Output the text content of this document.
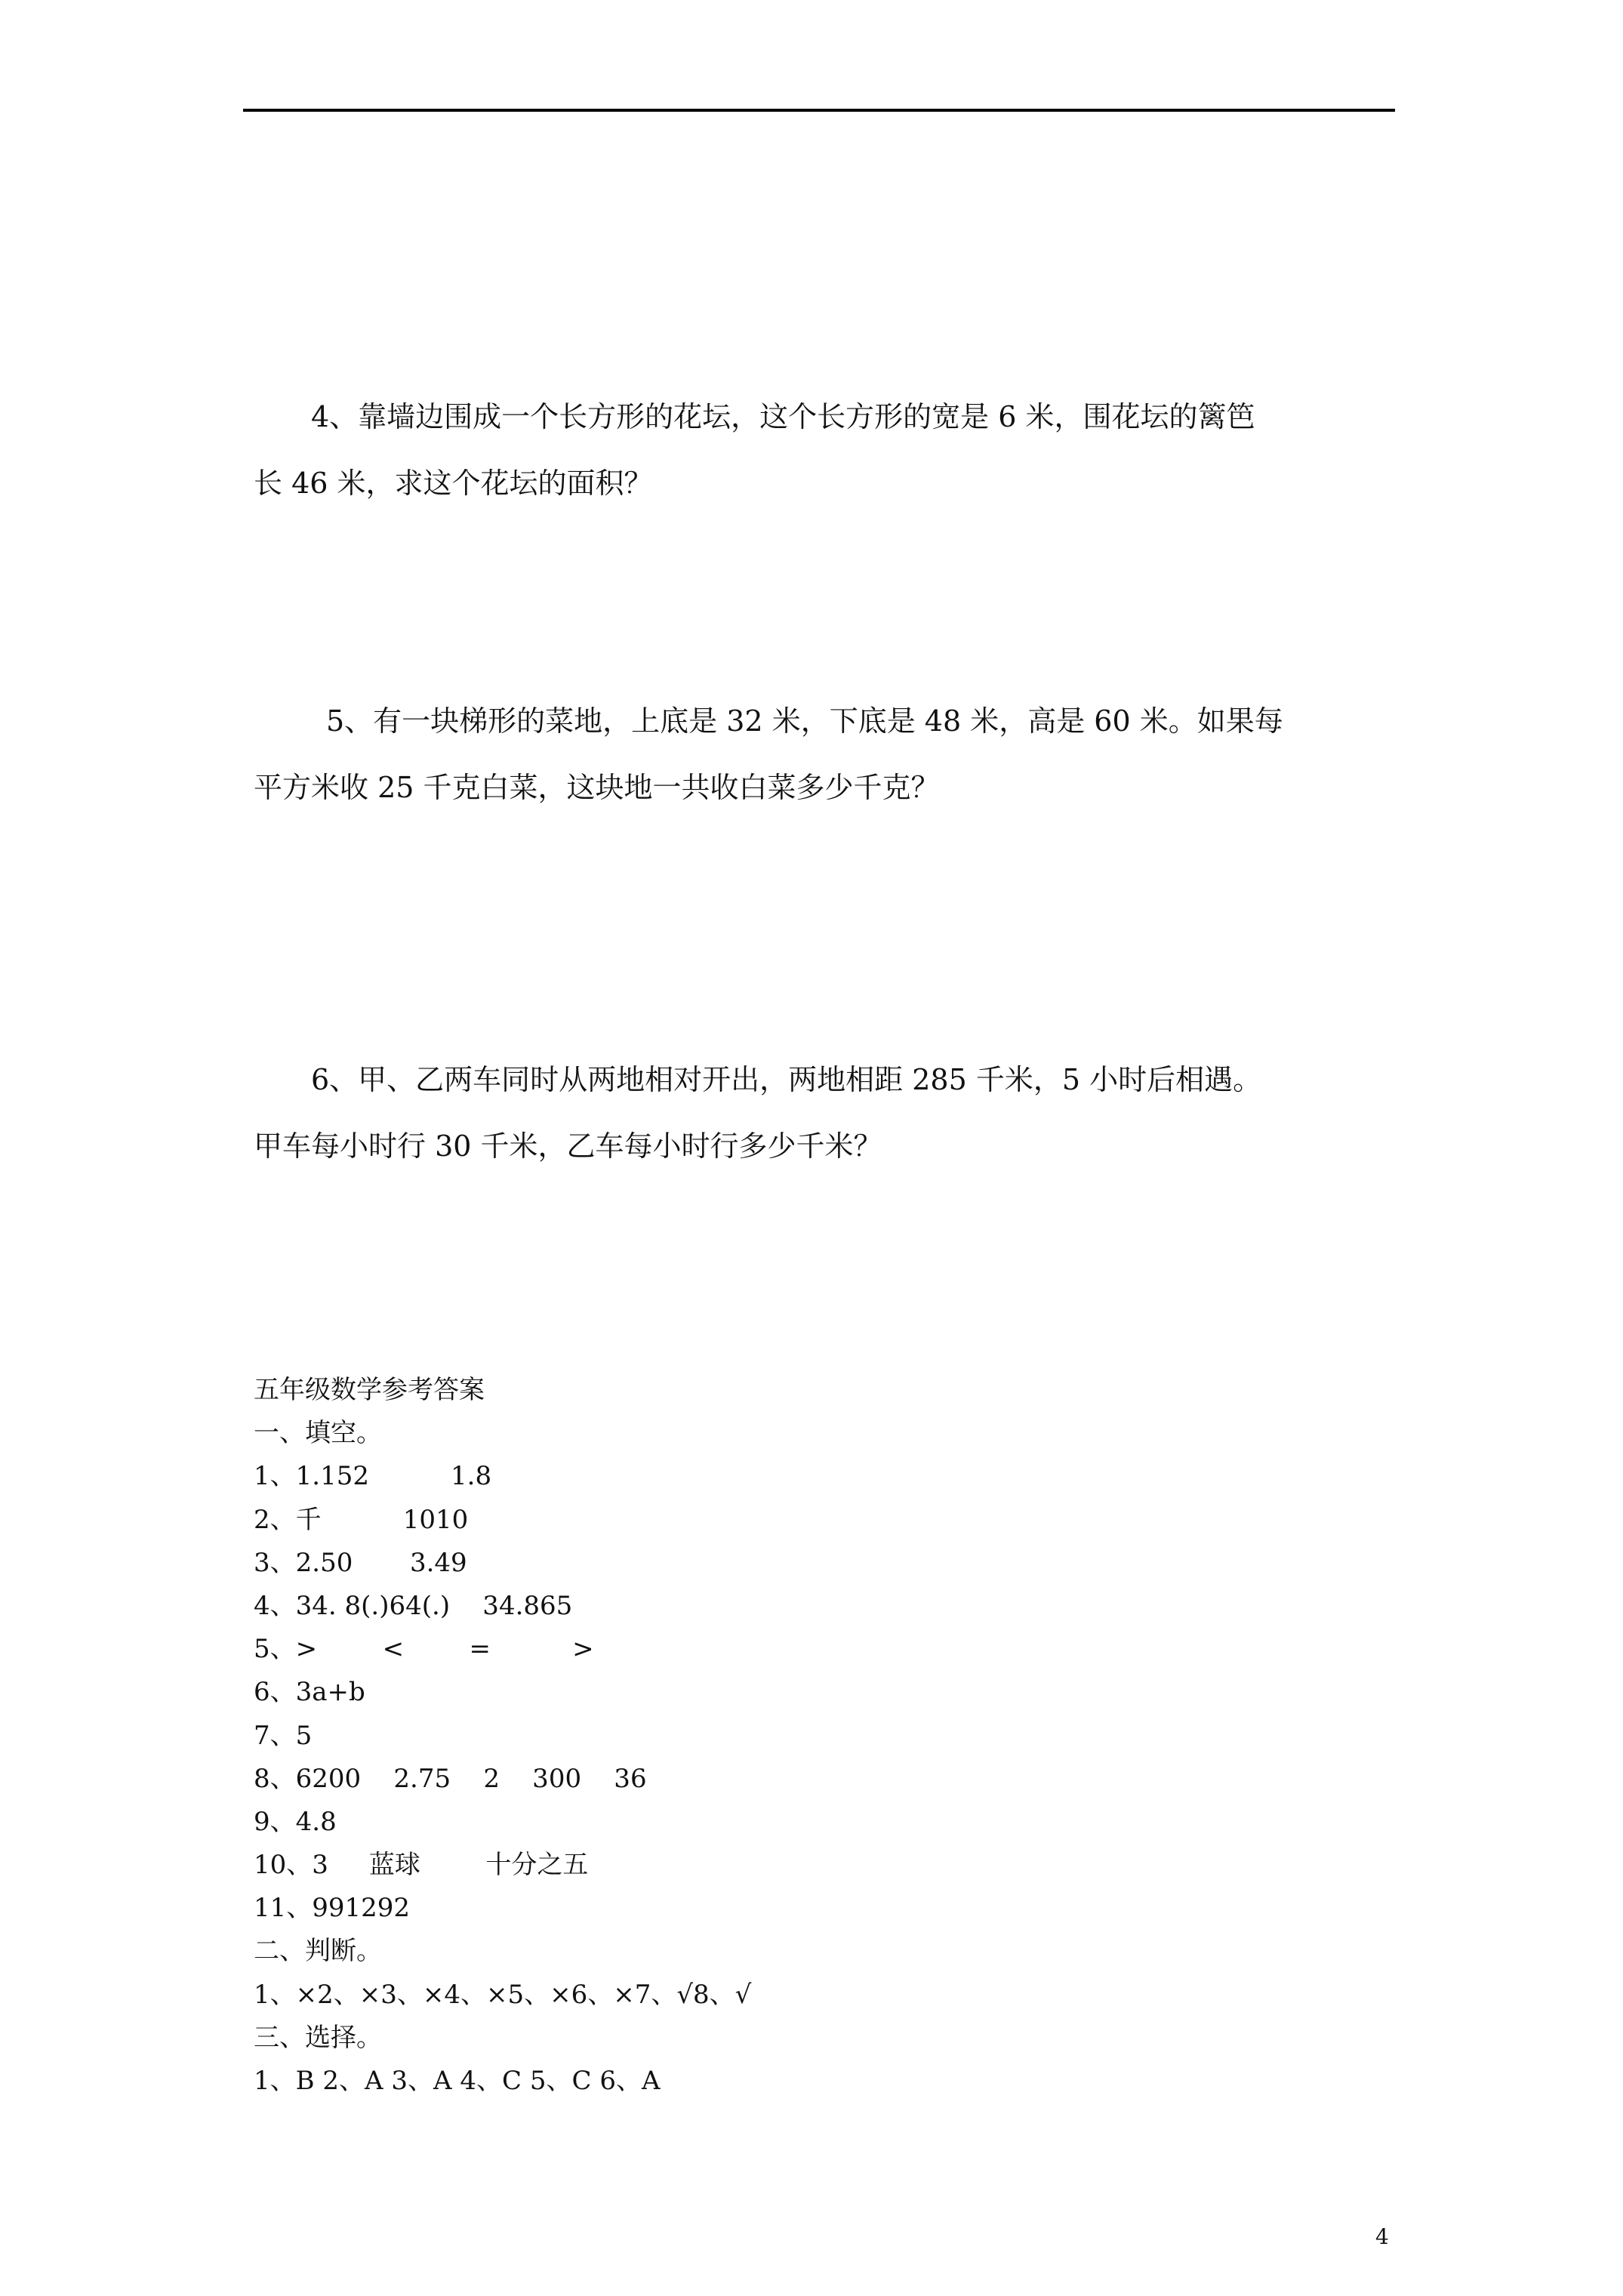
4、靠墙边围成一个长方形的花坛，这个长方形的宽是 6 米，围花坛的篱笆
长 46 米，求这个花坛的面积？

5、有一块梯形的菜地，上底是 32 米，下底是 48 米，高是 60 米。如果每
平方米收 25 千克白菜，这块地一共收白菜多少千克？

6、甲、乙两车同时从两地相对开出，两地相距 285 千米，5 小时后相遇。
甲车每小时行 30 千米，乙车每小时行多少千米？

五年级数学参考答案
一、填空。
1、1.152          1.8
2、千          1010
3、2.50       3.49
4、34. 8(.)64(.)    34.865
5、>        <        =          >
6、3a+b
7、5
8、6200    2.75    2    300    36
9、4.8
10、3     蓝球        十分之五
11、991292
二、判断。
1、×2、×3、×4、×5、×6、×7、√8、√
三、选择。
1、B 2、A 3、A 4、C 5、C 6、A
4
